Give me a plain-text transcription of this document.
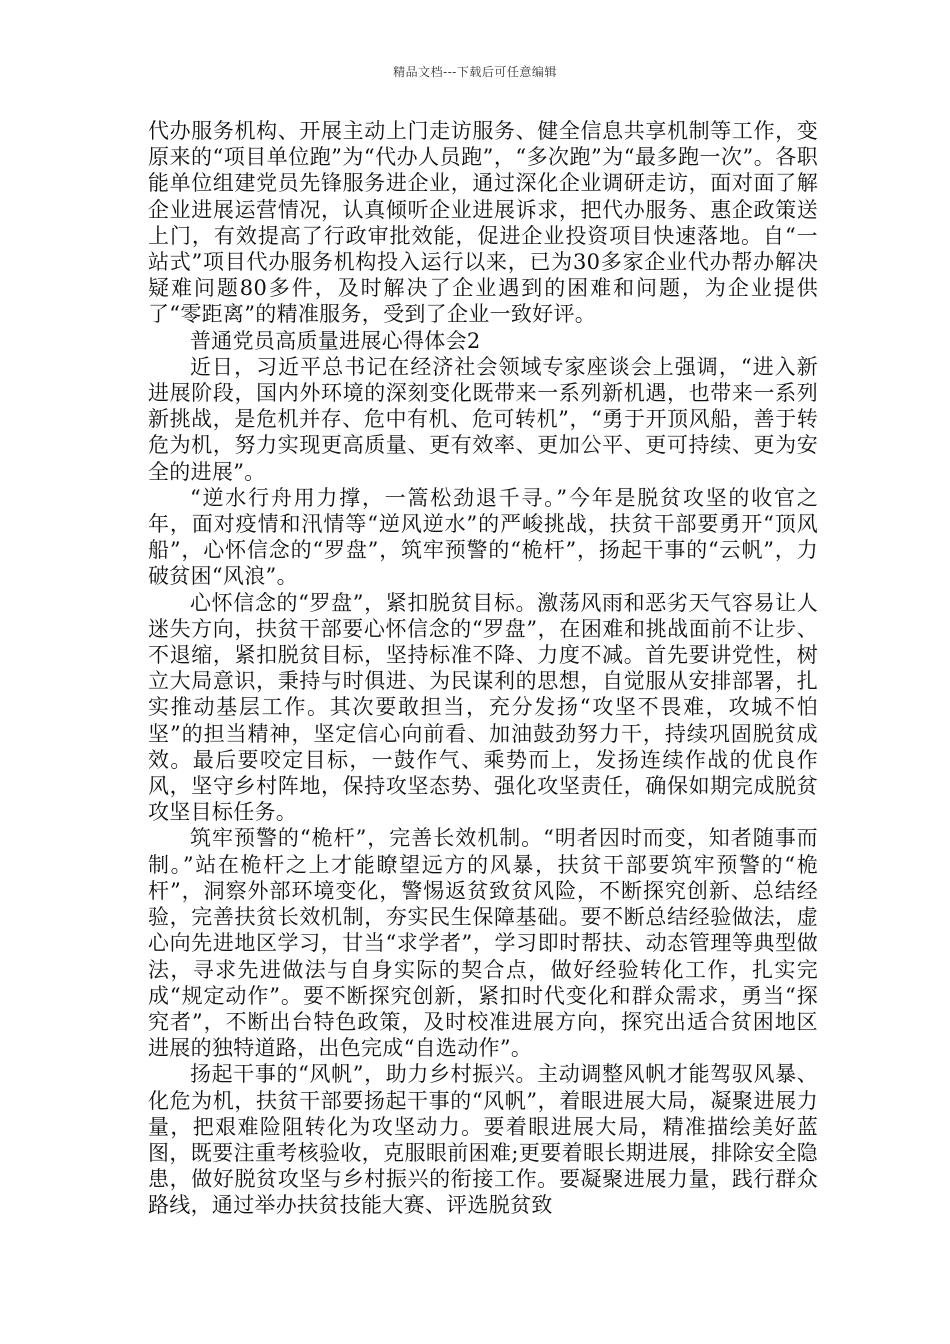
精品文档---下载后可任意编辑

代办服务机构、开展主动上门走访服务、健全信息共享机制等工作，变原来的“项目单位跑”为“代办人员跑”，“多次跑”为“最多跑一次”。各职能单位组建党员先锋服务进企业，通过深化企业调研走访，面对面了解企业进展运营情况，认真倾听企业进展诉求，把代办服务、惠企政策送上门，有效提高了行政审批效能，促进企业投资项目快速落地。自“一站式”项目代办服务机构投入运行以来，已为30多家企业代办帮办解决疑难问题80多件，及时解决了企业遇到的困难和问题，为企业提供了“零距离”的精准服务，受到了企业一致好评。

普通党员高质量进展心得体会2

近日，习近平总书记在经济社会领域专家座谈会上强调，“进入新进展阶段，国内外环境的深刻变化既带来一系列新机遇，也带来一系列新挑战，是危机并存、危中有机、危可转机”，“勇于开顶风船，善于转危为机，努力实现更高质量、更有效率、更加公平、更可持续、更为安全的进展”。

“逆水行舟用力撑，一篙松劲退千寻。”今年是脱贫攻坚的收官之年，面对疫情和汛情等“逆风逆水”的严峻挑战，扶贫干部要勇开“顶风船”，心怀信念的“罗盘”，筑牢预警的“桅杆”，扬起干事的“云帆”，力破贫困“风浪”。

心怀信念的“罗盘”，紧扣脱贫目标。激荡风雨和恶劣天气容易让人迷失方向，扶贫干部要心怀信念的“罗盘”，在困难和挑战面前不让步、不退缩，紧扣脱贫目标，坚持标准不降、力度不减。首先要讲党性，树立大局意识，秉持与时俱进、为民谋利的思想，自觉服从安排部署，扎实推动基层工作。其次要敢担当，充分发扬“攻坚不畏难，攻城不怕坚”的担当精神，坚定信心向前看、加油鼓劲努力干，持续巩固脱贫成效。最后要咬定目标，一鼓作气、乘势而上，发扬连续作战的优良作风，坚守乡村阵地，保持攻坚态势、强化攻坚责任，确保如期完成脱贫攻坚目标任务。

筑牢预警的“桅杆”，完善长效机制。“明者因时而变，知者随事而制。”站在桅杆之上才能瞭望远方的风暴，扶贫干部要筑牢预警的“桅杆”，洞察外部环境变化，警惕返贫致贫风险，不断探究创新、总结经验，完善扶贫长效机制，夯实民生保障基础。要不断总结经验做法，虚心向先进地区学习，甘当“求学者”，学习即时帮扶、动态管理等典型做法，寻求先进做法与自身实际的契合点，做好经验转化工作，扎实完成“规定动作”。要不断探究创新，紧扣时代变化和群众需求，勇当“探究者”，不断出台特色政策，及时校准进展方向，探究出适合贫困地区进展的独特道路，出色完成“自选动作”。

扬起干事的“风帆”，助力乡村振兴。主动调整风帆才能驾驭风暴、化危为机，扶贫干部要扬起干事的“风帆”，着眼进展大局，凝聚进展力量，把艰难险阻转化为攻坚动力。要着眼进展大局，精准描绘美好蓝图，既要注重考核验收，克服眼前困难;更要着眼长期进展，排除安全隐患，做好脱贫攻坚与乡村振兴的衔接工作。要凝聚进展力量，践行群众路线，通过举办扶贫技能大赛、评选脱贫致
